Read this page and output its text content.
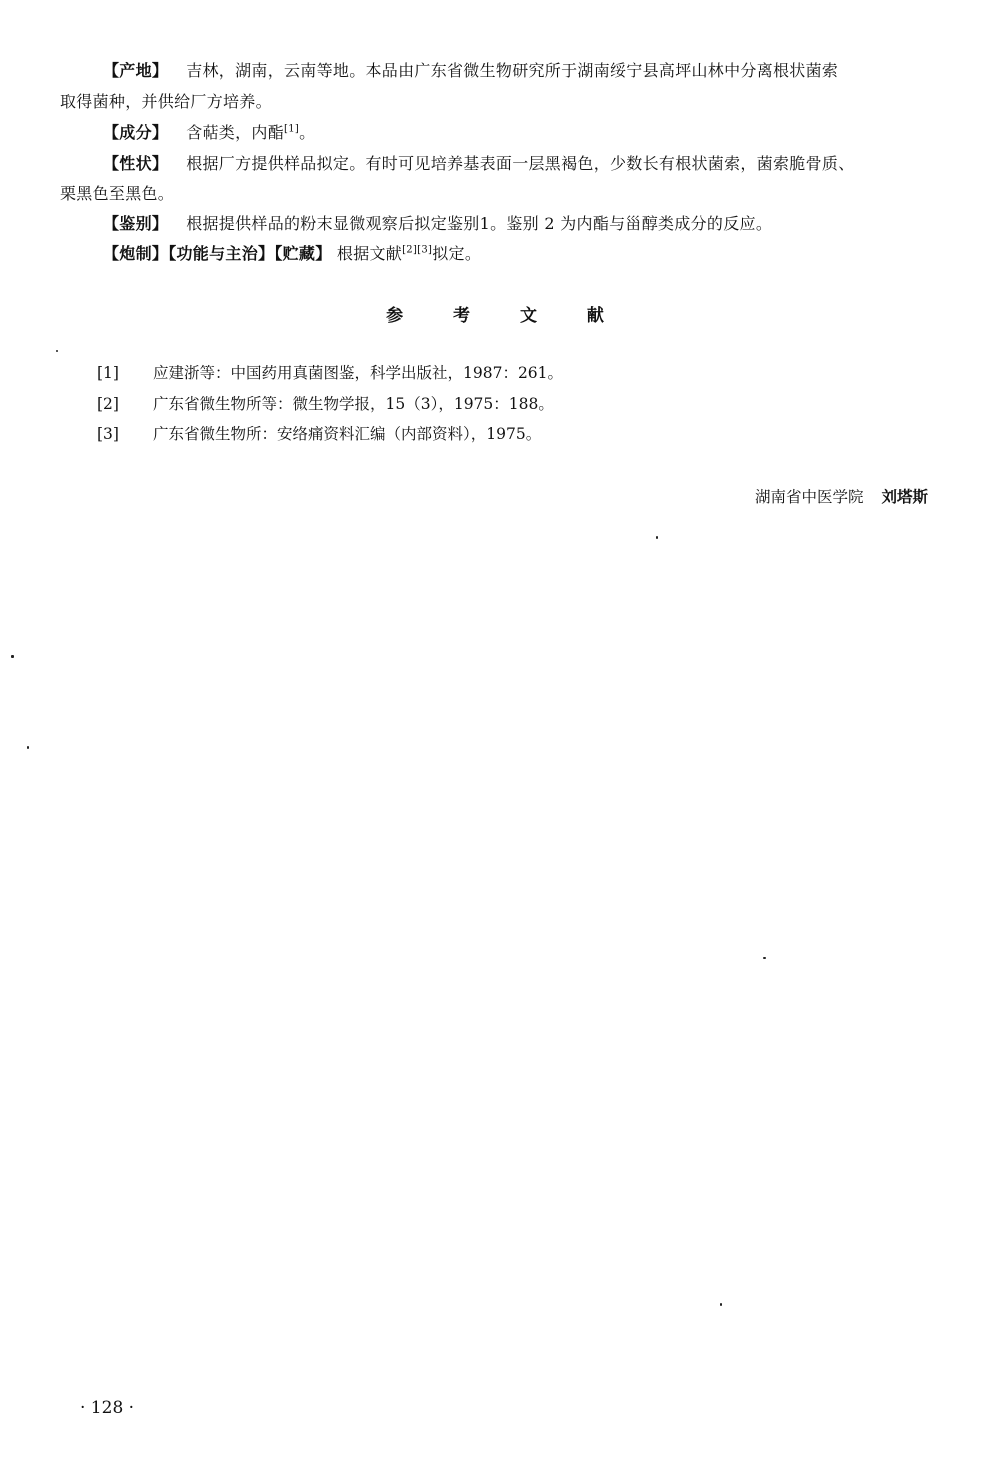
【产地】 吉林，湖南，云南等地。本品由广东省微生物研究所于湖南绥宁县高坪山林中分离根状菌索
取得菌种，并供给厂方培养。
【成分】 含萜类，内酯[1]。
【性状】 根据厂方提供样品拟定。有时可见培养基表面一层黑褐色，少数长有根状菌索，菌索脆骨质、
栗黑色至黑色。
【鉴别】 根据提供样品的粉末显微观察后拟定鉴别1。鉴别 2 为内酯与甾醇类成分的反应。
【炮制】【功能与主治】【贮藏】 根据文献[2][3]拟定。
参 考 文 献
[1] 应建浙等：中国药用真菌图鉴，科学出版社，1987：261。
[2] 广东省微生物所等：微生物学报，15（3），1975：188。
[3] 广东省微生物所：安络痛资料汇编（内部资料），1975。
湖南省中医学院 刘塔斯
· 128 ·
